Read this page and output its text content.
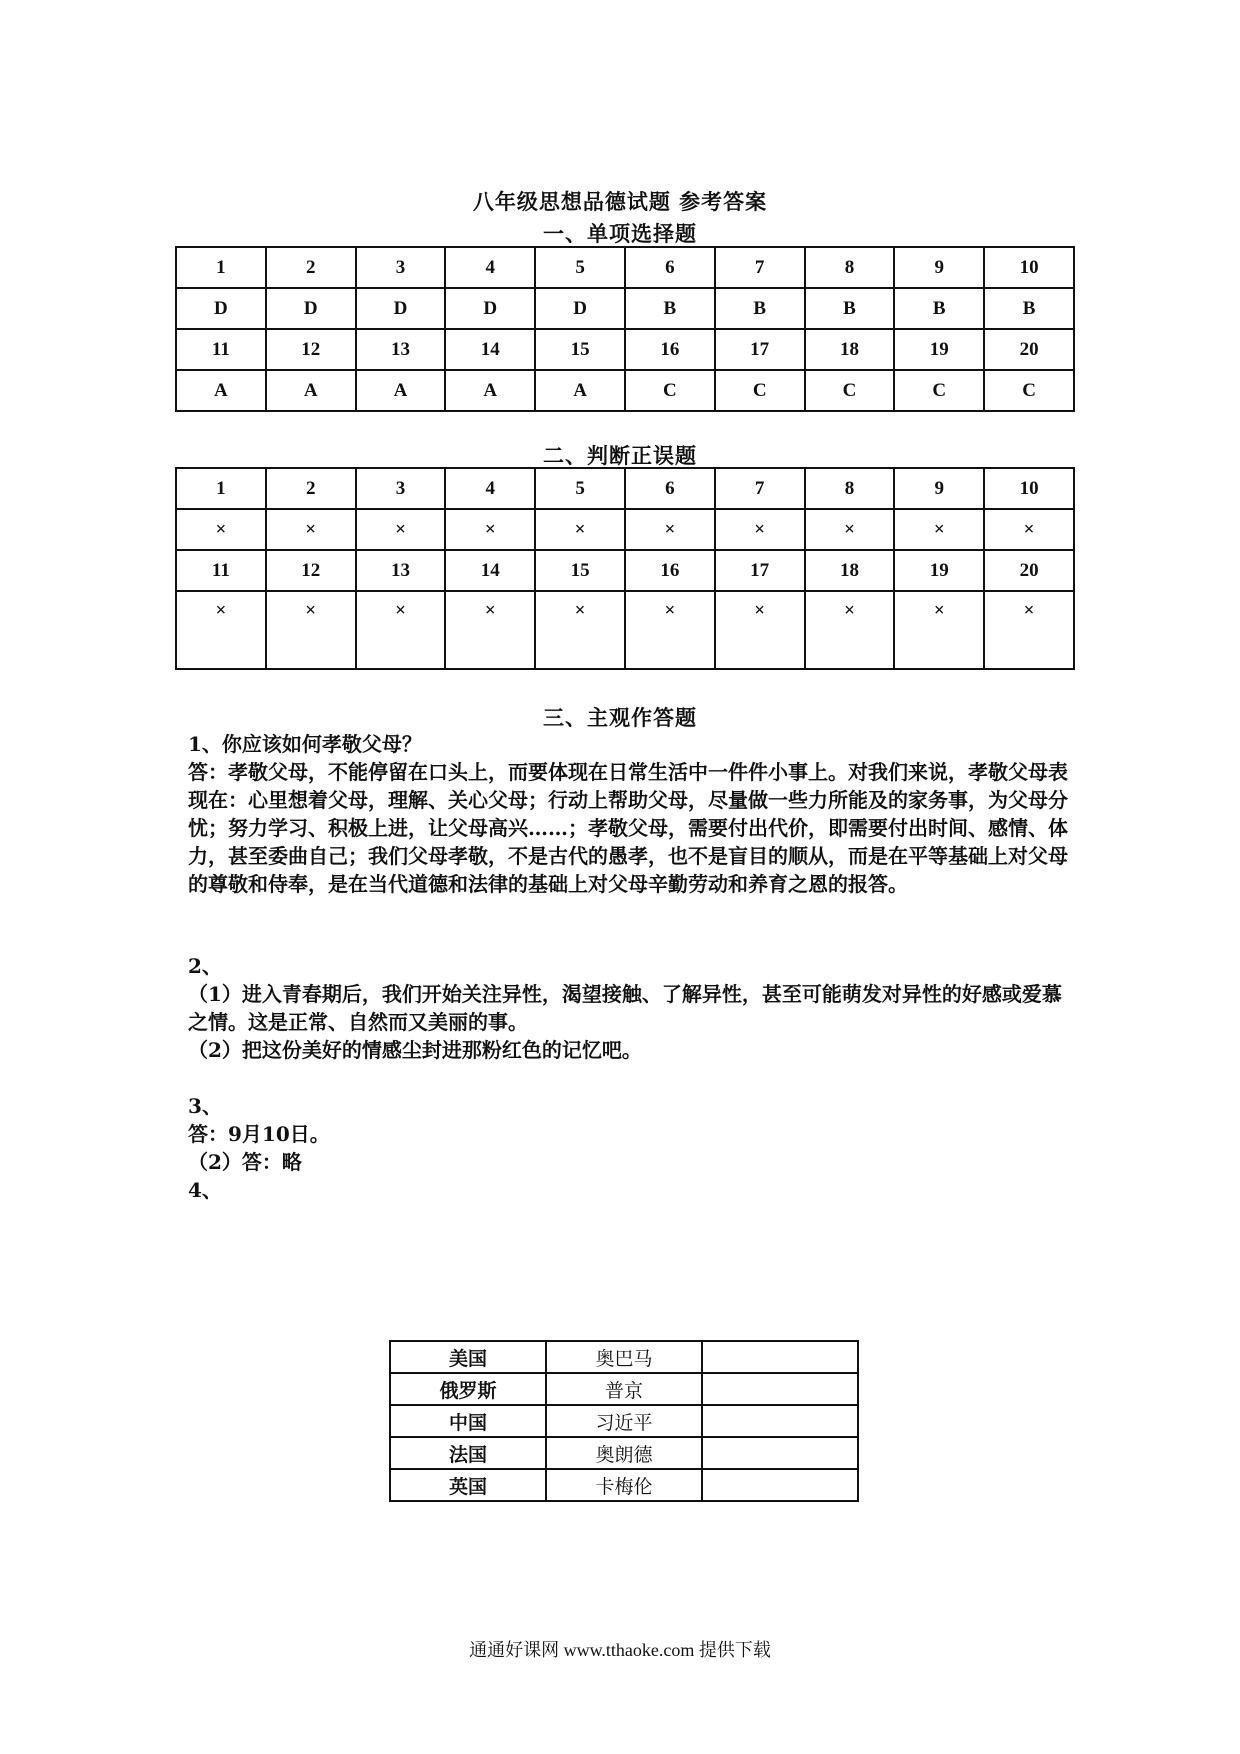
八年级思想品德试题 参考答案
一、单项选择题
1	2	3	4	5	6	7	8	9	10
D	D	D	D	D	B	B	B	B	B
11	12	13	14	15	16	17	18	19	20
A	A	A	A	A	C	C	C	C	C
二、判断正误题
1	2	3	4	5	6	7	8	9	10
×	×	×	×	×	×	×	×	×	×
11	12	13	14	15	16	17	18	19	20
×	×	×	×	×	×	×	×	×	×
三、主观作答题

1、你应该如何孝敬父母？

答：孝敬父母，不能停留在口头上，而要体现在日常生活中一件件小事上。对我们来说，孝敬父母表现在：心里想着父母，理解、关心父母；行动上帮助父母，尽量做一些力所能及的家务事，为父母分忧；努力学习、积极上进，让父母高兴……；孝敬父母，需要付出代价，即需要付出时间、感情、体力，甚至委曲自己；我们父母孝敬，不是古代的愚孝，也不是盲目的顺从，而是在平等基础上对父母的尊敬和侍奉，是在当代道德和法律的基础上对父母辛勤劳动和养育之恩的报答。

2、

（1）进入青春期后，我们开始关注异性，渴望接触、了解异性，甚至可能萌发对异性的好感或爱慕之情。这是正常、自然而又美丽的事。

（2）把这份美好的情感尘封进那粉红色的记忆吧。

3、

答：9月10日。

（2）答：略

4、

美国	奥巴马	
俄罗斯	普京	
中国	习近平	
法国	奥朗德	
英国	卡梅伦	
通通好课网 www.tthaoke.com 提供下载
